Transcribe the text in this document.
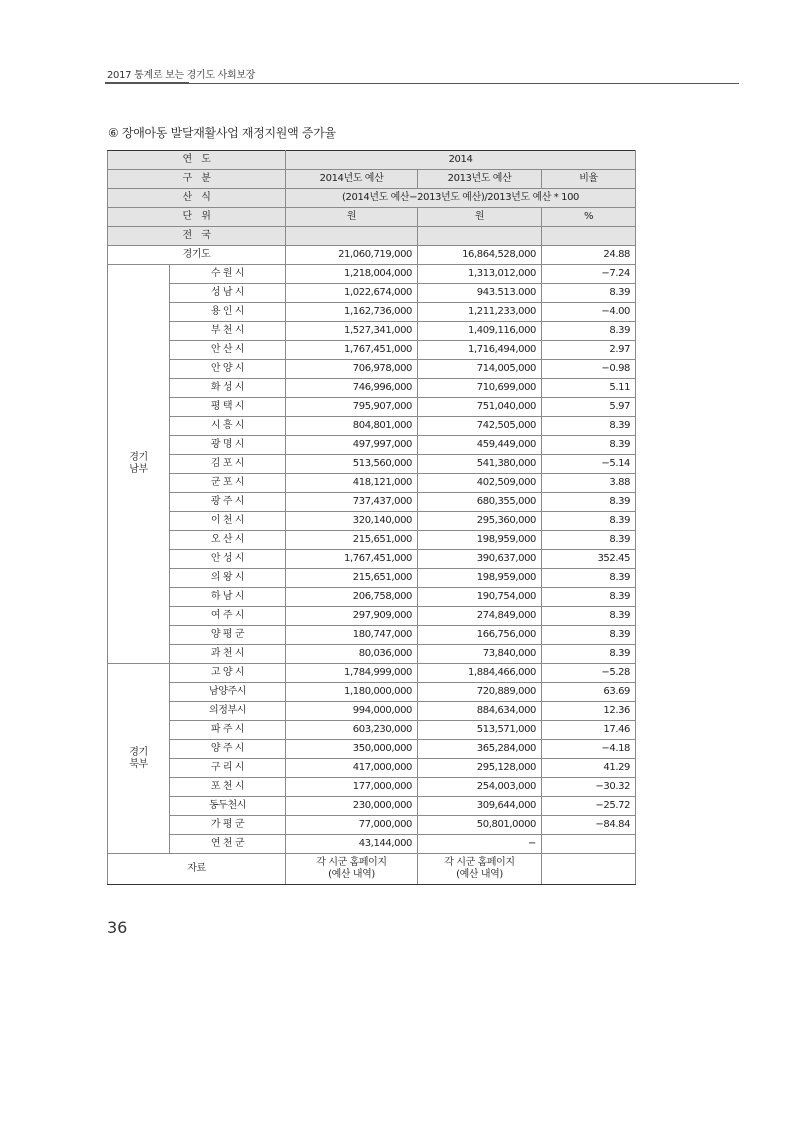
2017 통계로 보는 경기도 사회보장
⑥ 장애아동 발달재활사업 재정지원액 증가율
연　도		2014		
구　분		2014년도 예산	2013년도 예산	비율
산　식		(2014년도 예산−2013년도 예산)/2013년도 예산 * 100		
단　위		원	원	%
전　국				
경기도		21,060,719,000	16,864,528,000	24.88
경기
남부	수 원 시	1,218,004,000	1,313,012,000	−7.24
	성 남 시	1,022,674,000	943.513.000	8.39
	용 인 시	1,162,736,000	1,211,233,000	−4.00
	부 천 시	1,527,341,000	1,409,116,000	8.39
	안 산 시	1,767,451,000	1,716,494,000	2.97
	안 양 시	706,978,000	714,005,000	−0.98
	화 성 시	746,996,000	710,699,000	5.11
	평 택 시	795,907,000	751,040,000	5.97
	시 흥 시	804,801,000	742,505,000	8.39
	광 명 시	497,997,000	459,449,000	8.39
	김 포 시	513,560,000	541,380,000	−5.14
	군 포 시	418,121,000	402,509,000	3.88
	광 주 시	737,437,000	680,355,000	8.39
	이 천 시	320,140,000	295,360,000	8.39
	오 산 시	215,651,000	198,959,000	8.39
	안 성 시	1,767,451,000	390,637,000	352.45
	의 왕 시	215,651,000	198,959,000	8.39
	하 남 시	206,758,000	190,754,000	8.39
	여 주 시	297,909,000	274,849,000	8.39
	양 평 군	180,747,000	166,756,000	8.39
	과 천 시	80,036,000	73,840,000	8.39
경기
북부	고 양 시	1,784,999,000	1,884,466,000	−5.28
	남양주시	1,180,000,000	720,889,000	63.69
	의정부시	994,000,000	884,634,000	12.36
	파 주 시	603,230,000	513,571,000	17.46
	양 주 시	350,000,000	365,284,000	−4.18
	구 리 시	417,000,000	295,128,000	41.29
	포 천 시	177,000,000	254,003,000	−30.32
	동두천시	230,000,000	309,644,000	−25.72
	가 평 군	77,000,000	50,801,0000	−84.84
	연 천 군	43,144,000	−	
자료		각 시군 홈페이지
(예산 내역)	각 시군 홈페이지
(예산 내역)	
36
